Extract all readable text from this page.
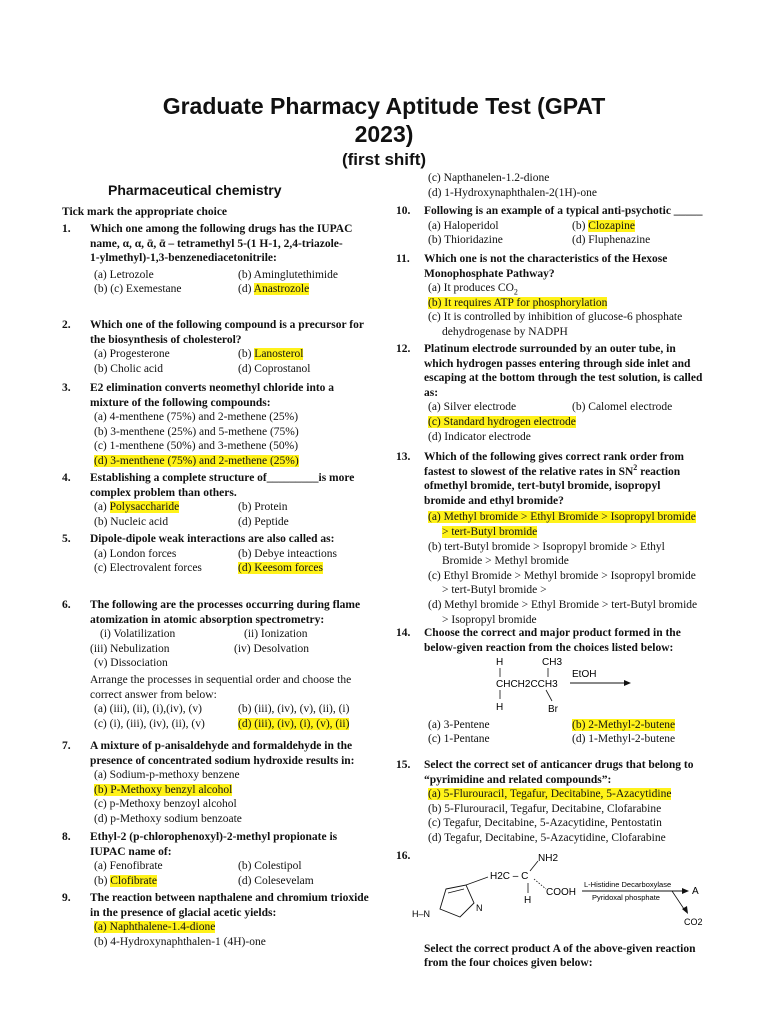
Graduate Pharmacy Aptitude Test (GPAT
2023)
(first shift)
Pharmaceutical chemistry
Tick mark the appropriate choice
1. Which one among the following drugs has the IUPAC
name, α, α, ᾱ, ᾱ – tetramethyl 5-(1 H-1, 2,4-triazole-
1-ylmethyl)-1,3-benzenediacetonitrile:
(a) Letrozole	(b) Aminglutethimide
(b) (c) Exemestane	(d) Anastrozole
2. Which one of the following compound is a precursor for
the biosynthesis of cholesterol?
(a) Progesterone	(b) Lanosterol
(b) Cholic acid	(d) Coprostanol
3. E2 elimination converts neomethyl chloride into a
mixture of the following compounds:
(a) 4-menthene (75%) and 2-methene (25%)
(b) 3-menthene (25%) and 5-methene (75%)
(c) 1-menthene (50%) and 3-methene (50%)
(d) 3-menthene (75%) and 2-methene (25%)
4. Establishing a complete structure of_________is more
complex problem than others.
(a) Polysaccharide	(b) Protein
(b) Nucleic acid	(d) Peptide
5. Dipole-dipole weak interactions are also called as:
(a) London forces	(b) Debye inteactions
(c) Electrovalent forces	(d) Keesom forces
6. The following are the processes occurring during flame
atomization in atomic absorption spectrometry:
(i) Volatilization	(ii) Ionization
(iii) Nebulization	(iv) Desolvation
(v) Dissociation
Arrange the processes in sequential order and choose the
correct answer from below:
(a) (iii), (ii), (i),(iv), (v)	(b) (iii), (iv), (v), (ii), (i)
(c) (i), (iii), (iv), (ii), (v)	(d) (iii), (iv), (i), (v), (ii)
7. A mixture of p-anisaldehyde and formaldehyde in the
presence of concentrated sodium hydroxide results in:
(a) Sodium-p-methoxy benzene
(b) P-Methoxy benzyl alcohol
(c) p-Methoxy benzoyl alcohol
(d) p-Methoxy sodium benzoate
8. Ethyl-2 (p-chlorophenoxyl)-2-methyl propionate is
IUPAC name of:
(a) Fenofibrate	(b) Colestipol
(b) Clofibrate	(d) Colesevelam
9. The reaction between napthalene and chromium trioxide
in the presence of glacial acetic yields:
(a) Naphthalene-1.4-dione
(b) 4-Hydroxynaphthalen-1 (4H)-one
(c) Napthanelen-1.2-dione
(d) 1-Hydroxynaphthalen-2(1H)-one
10. Following is an example of a typical anti-psychotic _____
(a) Haloperidol	(b) Clozapine
(b) Thioridazine	(d) Fluphenazine
11. Which one is not the characteristics of the Hexose
Monophosphate Pathway?
(a) It produces $CO_2$
(b) It requires ATP for phosphorylation
(c) It is controlled by inhibition of glucose-6 phosphate
dehydrogenase by NADPH
12. Platinum electrode surrounded by an outer tube, in
which hydrogen passes entering through side inlet and
escaping at the bottom through the test solution, is called
as:
(a) Silver electrode	(b) Calomel electrode
(c) Standard hydrogen electrode
(d) Indicator electrode
13. Which of the following gives correct rank order from
fastest to slowest of the relative rates in $SN^2$ reaction
ofmethyl bromide, tert-butyl bromide, isopropyl
bromide and ethyl bromide?
(a) Methyl bromide > Ethyl Bromide > Isopropyl bromide
> tert-Butyl bromide
(b) tert-Butyl bromide > Isopropyl bromide > Ethyl
Bromide > Methyl bromide
(c) Ethyl Bromide > Methyl bromide > Isopropyl bromide
> tert-Butyl bromide >
(d) Methyl bromide > Ethyl Bromide > tert-Butyl bromide
> Isopropyl bromide
14. Choose the correct and major product formed in the
below-given reaction from the choices listed below:
H	CH3
CHCH2CCH3
H	Br
EtOH
(a) 3-Pentene	(b) 2-Methyl-2-butene
(c) 1-Pentane	(d) 1-Methyl-2-butene
15. Select the correct set of anticancer drugs that belong to
“pyrimidine and related compounds”:
(a) 5-Flurouracil, Tegafur, Decitabine, 5-Azacytidine
(b) 5-Flurouracil, Tegafur, Decitabine, Clofarabine
(c) Tegafur, Decitabine, 5-Azacytidine, Pentostatin
(d) Tegafur, Decitabine, 5-Azacytidine, Clofarabine
16.
N
H–N
H2C – C
NH2
H
COOH
L-Histidine Decarboxylase
Pyridoxal phosphate
A
CO2
Select the correct product A of the above-given reaction
from the four choices given below:
